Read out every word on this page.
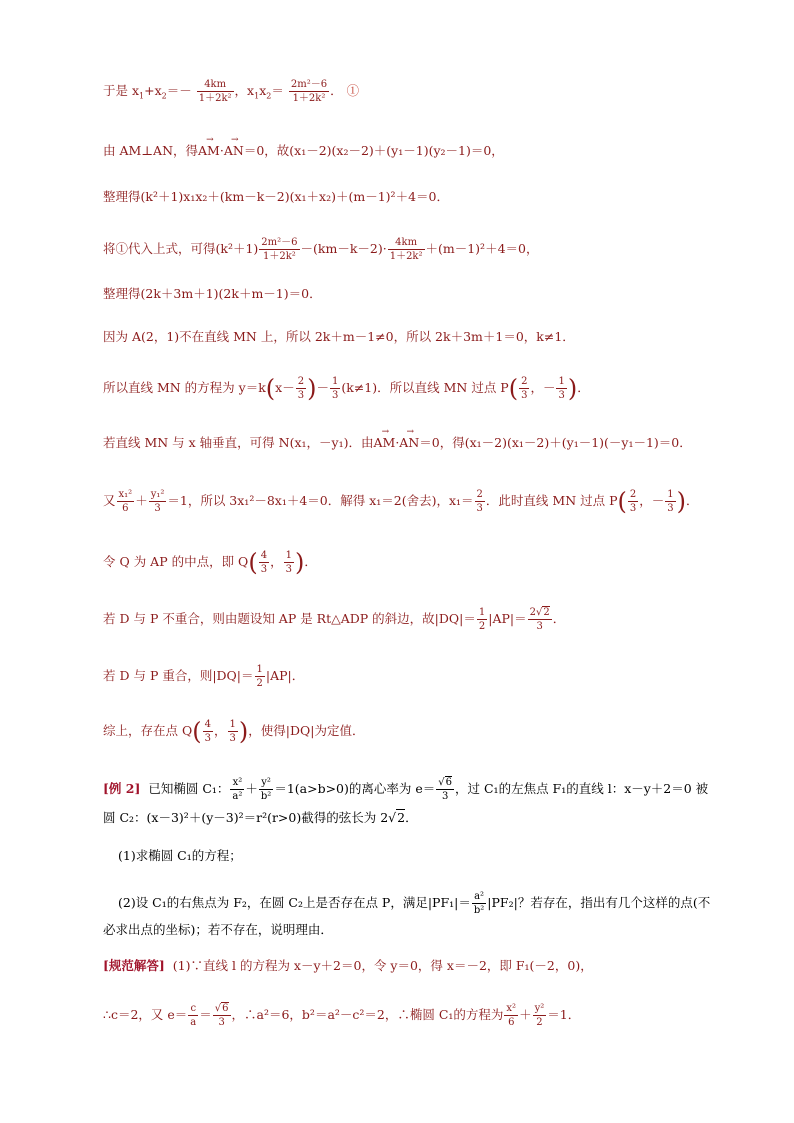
于是 $x_1+x_2=- \frac{4km}{\text{1＋2k²}}$ ，$x_1x_2= \frac{\text{2m²－6}}{\text{1＋2k²}}$ ． ①
由 AM⊥AN，得→ AM·→ AN＝0，故(x₁－2)(x₂－2)＋(y₁－1)(y₂－1)＝0，
整理得(k²＋1)x₁x₂＋(km－k－2)(x₁＋x₂)＋(m－1)²＋4＝0．
将①代入上式，可得$(k^2+1) \frac{\text{2m²－6}}{\text{1＋2k²}} -(km-k-2)\cdot \frac{4km}{\text{1＋2k²}} +(m-1)^2+4=0$，
整理得(2k＋3m＋1)(2k＋m－1)＝0．
因为 A(2，1)不在直线 MN 上，所以 2k＋m－1≠0，所以 2k＋3m＋1＝0，k≠1．
所以直线 MN 的方程为 $y=k(x- \frac{2}{3}$ )－ $\frac{1}{3} (k\ne 1)$．所以直线 MN 过点 $P( \frac{2}{3}$ ，－ $\frac{1}{3}$ )．
若直线 MN 与 x 轴垂直，可得 N(x₁，－y₁)．由→ AM·→ AN＝0，得(x₁－2)(x₁－2)＋(y₁－1)(－y₁－1)＝0．
又 $\frac{\text{x₁²}}{6} + \frac{\text{y₁²}}{3} =1$，所以 3x₁²－8x₁＋4＝0．解得 x₁＝2(舍去)，$x_1= \frac{2}{3}$ ．此时直线 MN 过点 $P( \frac{2}{3}$ ，－ $\frac{1}{3}$ )．
令 Q 为 AP 的中点，即 $Q( \frac{4}{3}$ ， $\frac{1}{3}$ )．
若 D 与 P 不重合，则由题设知 AP 是 Rt△ADP 的斜边，故$|DQ|= \frac{1}{2} |AP|= \frac{2√2}{3}$ ．
若 D 与 P 重合，则$|DQ|= \frac{1}{2} |AP|$．
综上，存在点 $Q( \frac{4}{3}$ ， $\frac{1}{3}$ )，使得|DQ|为定值．
[例 2] 已知椭圆 C₁： $\frac{\text{x²}}{\text{a²}} + \frac{\text{y²}}{\text{b²}} =1(a>b>0)$的离心率为 $e= \frac{√6}{3}$ ，过 C₁的左焦点 F₁的直线 l：x－y＋2＝0 被
圆 C₂：(x－3)²＋(y－3)²＝r²(r>0)截得的弦长为 2√2．
(1)求椭圆 C₁的方程；
(2)设 C₁的右焦点为 F₂，在圆 C₂上是否存在点 P，满足$|PF_1|= \frac{\text{a²}}{\text{b²}} |PF_2|$？若存在，指出有几个这样的点(不
必求出点的坐标)；若不存在，说明理由．
[规范解答] (1)∵直线 l 的方程为 x－y＋2＝0，令 y＝0，得 x＝－2，即 F₁(－2，0)，
∴c＝2，又 $e= \frac{c}{a} = \frac{√6}{3}$ ，∴a²＝6，b²＝a²－c²＝2，∴椭圆 C₁的方程为 $\frac{\text{x²}}{6} + \frac{\text{y²}}{2} =1$．
